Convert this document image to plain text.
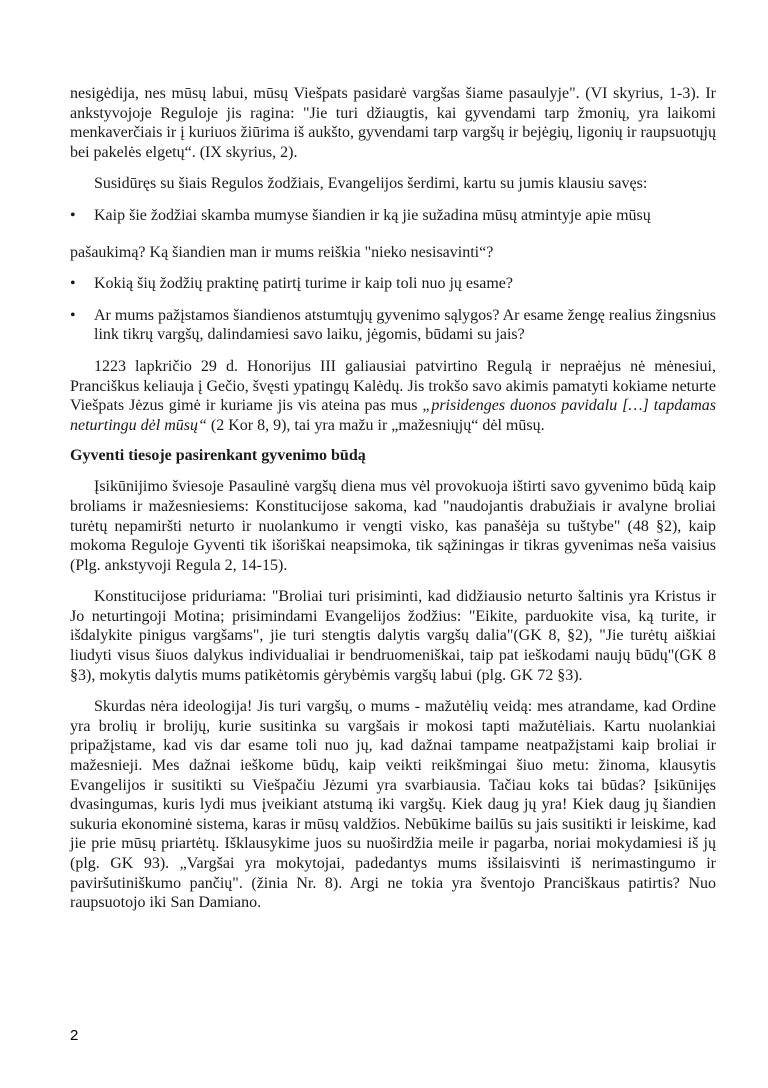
nesigėdija, nes mūsų labui, mūsų Viešpats pasidarė vargšas šiame pasaulyje". (VI skyrius, 1-3). Ir ankstyvojoje Reguloje jis ragina: "Jie turi džiaugtis, kai gyvendami tarp žmonių, yra laikomi menkaverčiais ir į kuriuos žiūrima iš aukšto, gyvendami tarp vargšų ir bejėgių, ligonių ir raupsuotųjų bei pakelės elgetų“. (IX skyrius, 2).

Susidūręs su šiais Regulos žodžiais, Evangelijos šerdimi, kartu su jumis klausiu savęs:

•	Kaip šie žodžiai skamba mumyse šiandien ir ką jie sužadina mūsų atmintyje apie mūsų

pašaukimą? Ką šiandien man ir mums reiškia "nieko nesisavinti“?

•	Kokią šių žodžių praktinę patirtį turime ir kaip toli nuo jų esame?
•	Ar mums pažįstamos šiandienos atstumtųjų gyvenimo sąlygos? Ar esame žengę realius žingsnius link tikrų vargšų, dalindamiesi savo laiku, jėgomis, būdami su jais?

1223 lapkričio 29 d. Honorijus III galiausiai patvirtino Regulą ir nepraėjus nė mėnesiui, Pranciškus keliauja į Gečio, švęsti ypatingų Kalėdų. Jis trokšo savo akimis pamatyti kokiame neturte Viešpats Jėzus gimė ir kuriame jis vis ateina pas mus „prisidenges duonos pavidalu […] tapdamas neturtingu dėl mūsų“ (2 Kor 8, 9), tai yra mažu ir „mažesniųjų“ dėl mūsų.

Gyventi tiesoje pasirenkant gyvenimo būdą

Įsikūnijimo šviesoje Pasaulinė vargšų diena mus vėl provokuoja ištirti savo gyvenimo būdą kaip broliams ir mažesniesiems: Konstitucijose sakoma, kad "naudojantis drabužiais ir avalyne broliai turėtų nepamiršti neturto ir nuolankumo ir vengti visko, kas panašėja su tuštybe" (48 §2), kaip mokoma Reguloje Gyventi tik išoriškai neapsimoka, tik sąžiningas ir tikras gyvenimas neša vaisius (Plg. ankstyvoji Regula 2, 14-15).

Konstitucijose priduriama: "Broliai turi prisiminti, kad didžiausio neturto šaltinis yra Kristus ir Jo neturtingoji Motina; prisimindami Evangelijos žodžius: "Eikite, parduokite visa, ką turite, ir išdalykite pinigus vargšams", jie turi stengtis dalytis vargšų dalia"(GK 8, §2), "Jie turėtų aiškiai liudyti visus šiuos dalykus individualiai ir bendruomeniškai, taip pat ieškodami naujų būdų"(GK 8 §3), mokytis dalytis mums patikėtomis gėrybėmis vargšų labui (plg. GK 72 §3).

Skurdas nėra ideologija! Jis turi vargšų, o mums - mažutėlių veidą: mes atrandame, kad Ordine yra brolių ir brolijų, kurie susitinka su vargšais ir mokosi tapti mažutėliais. Kartu nuolankiai pripažįstame, kad vis dar esame toli nuo jų, kad dažnai tampame neatpažįstami kaip broliai ir mažesnieji. Mes dažnai ieškome būdų, kaip veikti reikšmingai šiuo metu: žinoma, klausytis Evangelijos ir susitikti su Viešpačiu Jėzumi yra svarbiausia. Tačiau koks tai būdas? Įsikūnijęs dvasingumas, kuris lydi mus įveikiant atstumą iki vargšų. Kiek daug jų yra! Kiek daug jų šiandien sukuria ekonominė sistema, karas ir mūsų valdžios. Nebūkime bailūs su jais susitikti ir leiskime, kad jie prie mūsų priartėtų. Išklausykime juos su nuoširdžia meile ir pagarba, noriai mokydamiesi iš jų (plg. GK 93). „Vargšai yra mokytojai, padedantys mums išsilaisvinti iš nerimastingumo ir paviršutiniškumo pančių". (žinia Nr. 8). Argi ne tokia yra šventojo Pranciškaus patirtis? Nuo raupsuotojo iki San Damiano.

2
